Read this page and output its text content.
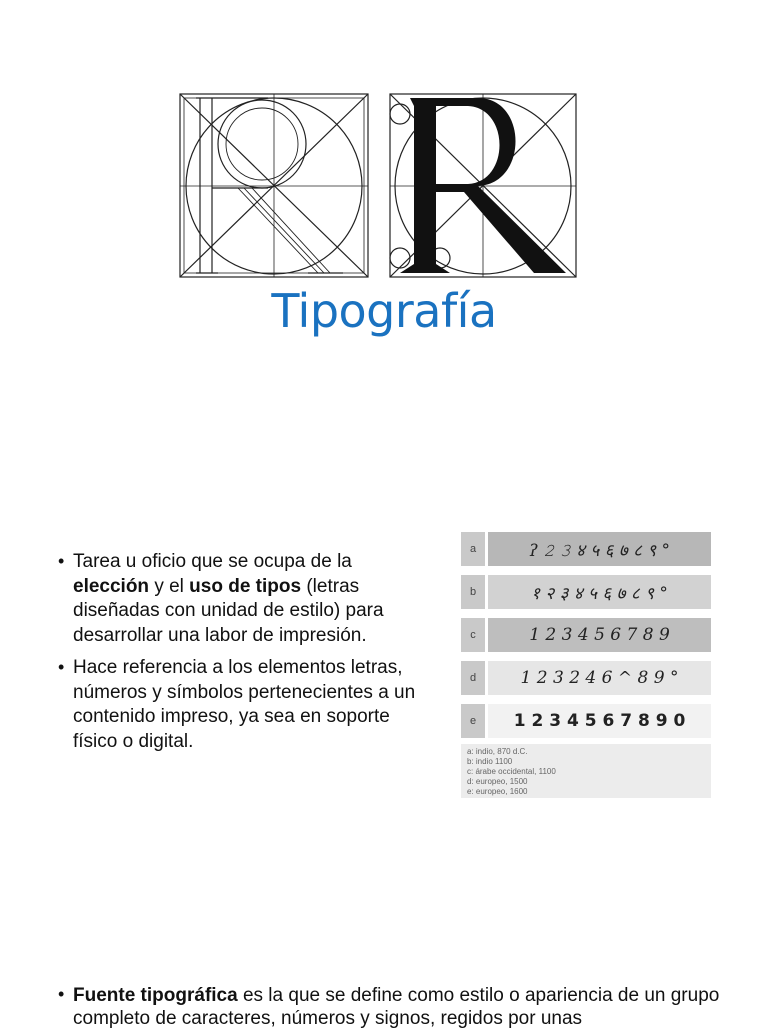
Tipografía
• Tarea u oficio que se ocupa de la elección y el uso de tipos (letras diseñadas con unidad de estilo) para desarrollar una labor de impresión.
• Hace referencia a los elementos letras, números y símbolos pertenecientes a un contenido impreso, ya sea en soporte físico o digital.
a	ʔ 𝟸 𝟹 ४ ५ ६ ७ ८ ९ °
b	१ २ ३ ४ ५ ६ ७ ८ ९ °
c	1 2 3 4 5 6 7 8 9
d	1 2 3 2 4 6 ^ 8 9 °
e	1 2 3 4 5 6 7 8 9 0
a: indio, 870 d.C.
b: indio 1100
c: árabe occidental, 1100
d: europeo, 1500
e: europeo, 1600
• Fuente tipográfica es la que se define como estilo o apariencia de un grupo completo de caracteres, números y signos, regidos por unas
